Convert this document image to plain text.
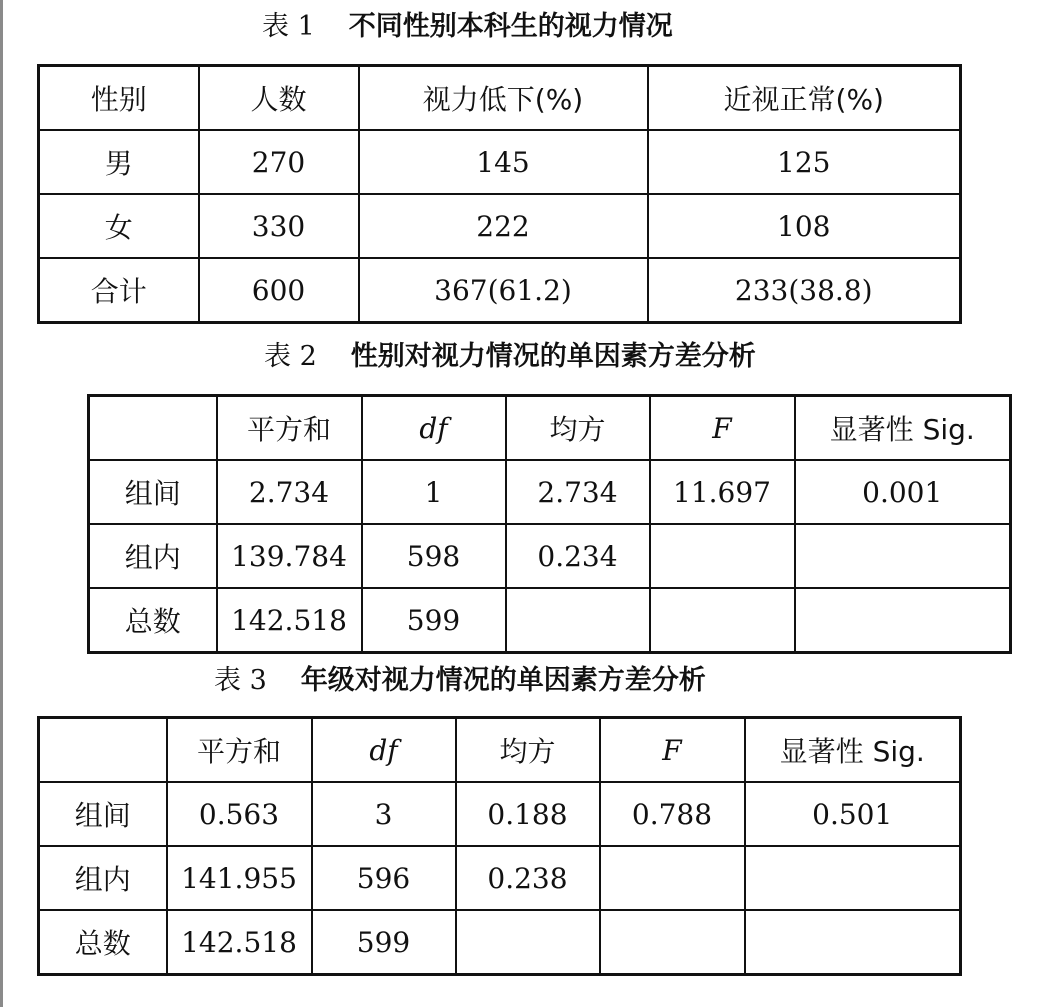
表 1 不同性别本科生的视力情况
性别	人数	视力低下(%)	近视正常(%)
男	270	145	125
女	330	222	108
合计	600	367(61.2)	233(38.8)
表 2 性别对视力情况的单因素方差分析
	平方和	df	均方	F	显著性 Sig.
组间	2.734	1	2.734	11.697	0.001
组内	139.784	598	0.234		
总数	142.518	599			
表 3 年级对视力情况的单因素方差分析
	平方和	df	均方	F	显著性 Sig.
组间	0.563	3	0.188	0.788	0.501
组内	141.955	596	0.238		
总数	142.518	599			
